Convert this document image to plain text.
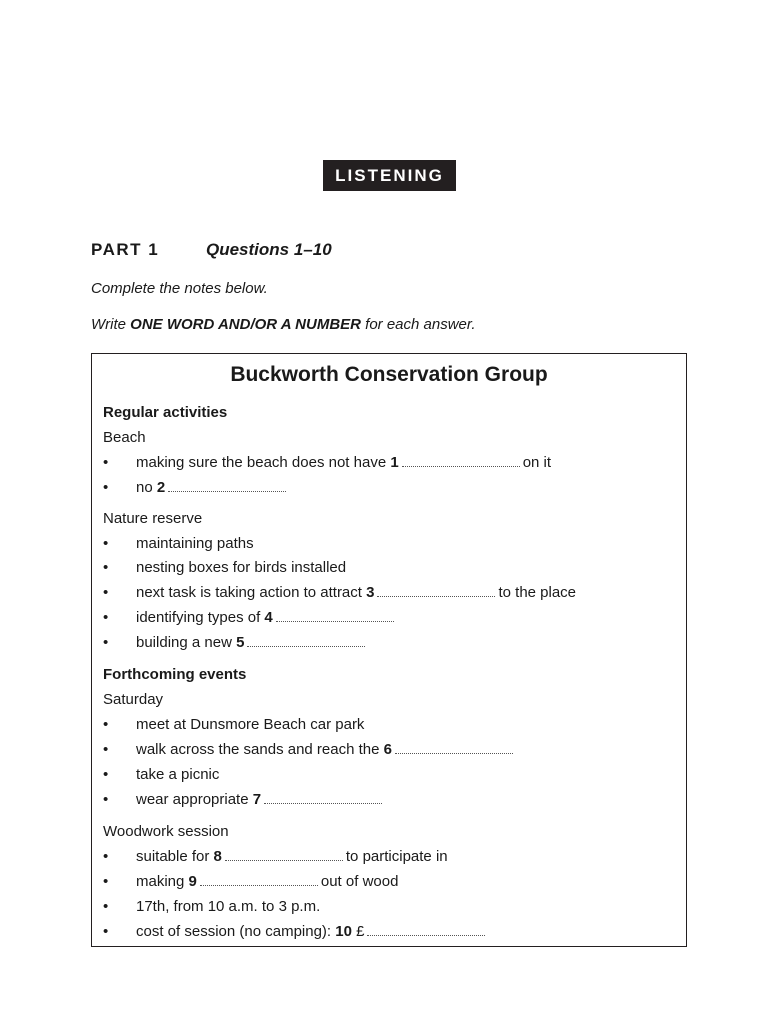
LISTENING
PART 1	Questions 1–10
Complete the notes below.
Write ONE WORD AND/OR A NUMBER for each answer.
Buckworth Conservation Group
Regular activities
Beach
• making sure the beach does not have 1	on it
• no 2
Nature reserve
• maintaining paths
• nesting boxes for birds installed
• next task is taking action to attract 3	to the place
• identifying types of 4
• building a new 5
Forthcoming events
Saturday
• meet at Dunsmore Beach car park
• walk across the sands and reach the 6
• take a picnic
• wear appropriate 7
Woodwork session
• suitable for 8	to participate in
• making 9	out of wood
• 17th, from 10 a.m. to 3 p.m.
• cost of session (no camping): 10 £
